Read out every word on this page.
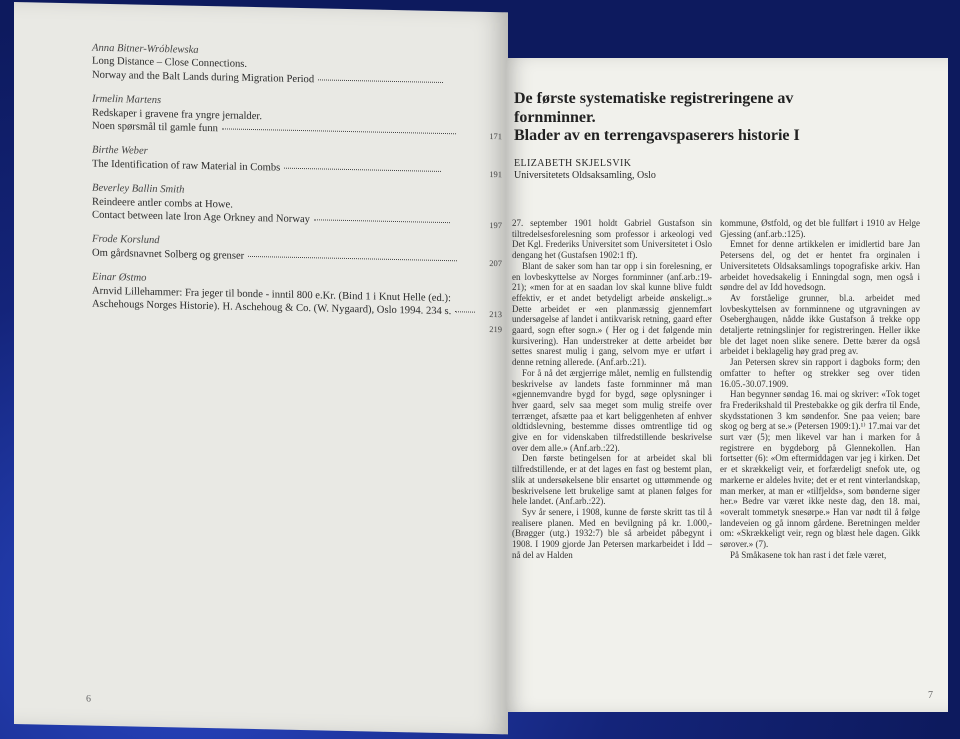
Anna Bitner-Wróblewska
Long Distance – Close Connections.
Norway and the Balt Lands during Migration Period
Irmelin Martens
Redskaper i gravene fra yngre jernalder.
Noen spørsmål til gamle funn
171
Birthe Weber
The Identification of raw Material in Combs
191
Beverley Ballin Smith
Reindeere antler combs at Howe.
Contact between late Iron Age Orkney and Norway	197
Frode Korslund
Om gårdsnavnet Solberg og grenser
207
Einar Østmo
Arnvid Lillehammer: Fra jeger til bonde - inntil 800 e.Kr. (Bind 1 i Knut Helle (ed.):
Aschehougs Norges Historie). H. Aschehoug & Co. (W. Nygaard), Oslo 1994. 234 s.	213
219
6
De første systematiske registreringene av
fornminner.
Blader av en terrengavspaserers historie I
ELIZABETH SKJELSVIK
Universitetets Oldsaksamling, Oslo

27. september 1901 holdt Gabriel Gustafson sin tiltredelsesforelesning som professor i arkeologi ved Det Kgl. Frederiks Universitet som Universitetet i Oslo dengang het (Gustafsen 1902:1 ff).

Blant de saker som han tar opp i sin forelesning, er en lovbeskyttelse av Norges fornminner (anf.arb.:19-21); «men for at en saadan lov skal kunne blive fuldt effektiv, er et andet betydeligt arbeide ønskeligt..» Dette arbeidet er «en planmæssig gjennemført undersøgelse af landet i antikvarisk retning, gaard efter gaard, sogn efter sogn.» ( Her og i det følgende min kursivering). Han understreker at dette arbeidet bør settes snarest mulig i gang, selvom mye er utført i denne retning allerede. (Anf.arb.:21).

For å nå det ærgjerrige målet, nemlig en fullstendig beskrivelse av landets faste fornminner må man «gjennemvandre bygd for bygd, søge oplysninger i hver gaard, selv saa meget som mulig streife over terrænget, afsætte paa et kart beliggenheten af enhver oldtidslevning, bestemme disses omtrentlige tid og give en for videnskaben tilfredstillende beskrivelse over dem alle.» (Anf.arb.:22).

Den første betingelsen for at arbeidet skal bli tilfredstillende, er at det lages en fast og bestemt plan, slik at undersøkelsene blir ensartet og uttømmende og beskrivelsene lett brukelige samt at planen følges for hele landet. (Anf.arb.:22).

Syv år senere, i 1908, kunne de første skritt tas til å realisere planen. Med en bevilgning på kr. 1.000,- (Brøgger (utg.) 1932:7) ble så arbeidet påbegynt i 1908. I 1909 gjorde Jan Petersen markarbeidet i Idd – nå del av Halden

kommune, Østfold, og det ble fullført i 1910 av Helge Gjessing (anf.arb.:125).

Emnet for denne artikkelen er imidlertid bare Jan Petersens del, og det er hentet fra orginalen i Universitetets Oldsaksamlings topografiske arkiv. Han arbeidet hovedsakelig i Enningdal sogn, men også i søndre del av Idd hovedsogn.

Av forståelige grunner, bl.a. arbeidet med lovbeskyttelsen av fornminnene og utgravningen av Oseberghaugen, nådde ikke Gustafson å trekke opp detaljerte retningslinjer for registreringen. Heller ikke ble det laget noen slike senere. Dette bærer da også arbeidet i beklagelig høy grad preg av.

Jan Petersen skrev sin rapport i dagboks form; den omfatter to hefter og strekker seg over tiden 16.05.-30.07.1909.

Han begynner søndag 16. mai og skriver: «Tok toget fra Frederikshald til Prestebakke og gik derfra til Ende, skydsstationen 3 km søndenfor. Sne paa veien; bare skog og berg at se.» (Petersen 1909:1).¹⁾ 17.mai var det surt vær (5); men likevel var han i marken for å registrere en bygdeborg på Glennekollen. Han fortsetter (6): «Om eftermiddagen var jeg i kirken. Det er et skrækkeligt veir, et forfærdeligt snefok ute, og markerne er aldeles hvite; det er et rent vinterlandskap, man merker, at man er «tilfjelds», som bønderne siger her.» Bedre var været ikke neste dag, den 18. mai, «overalt tommetyk snesørpe.» Han var nødt til å følge landeveien og gå innom gårdene. Beretningen melder om: «Skrækkeligt veir, regn og blæst hele dagen. Gikk sørover.» (7).

På Småkasene tok han rast i det fæle været,

7
